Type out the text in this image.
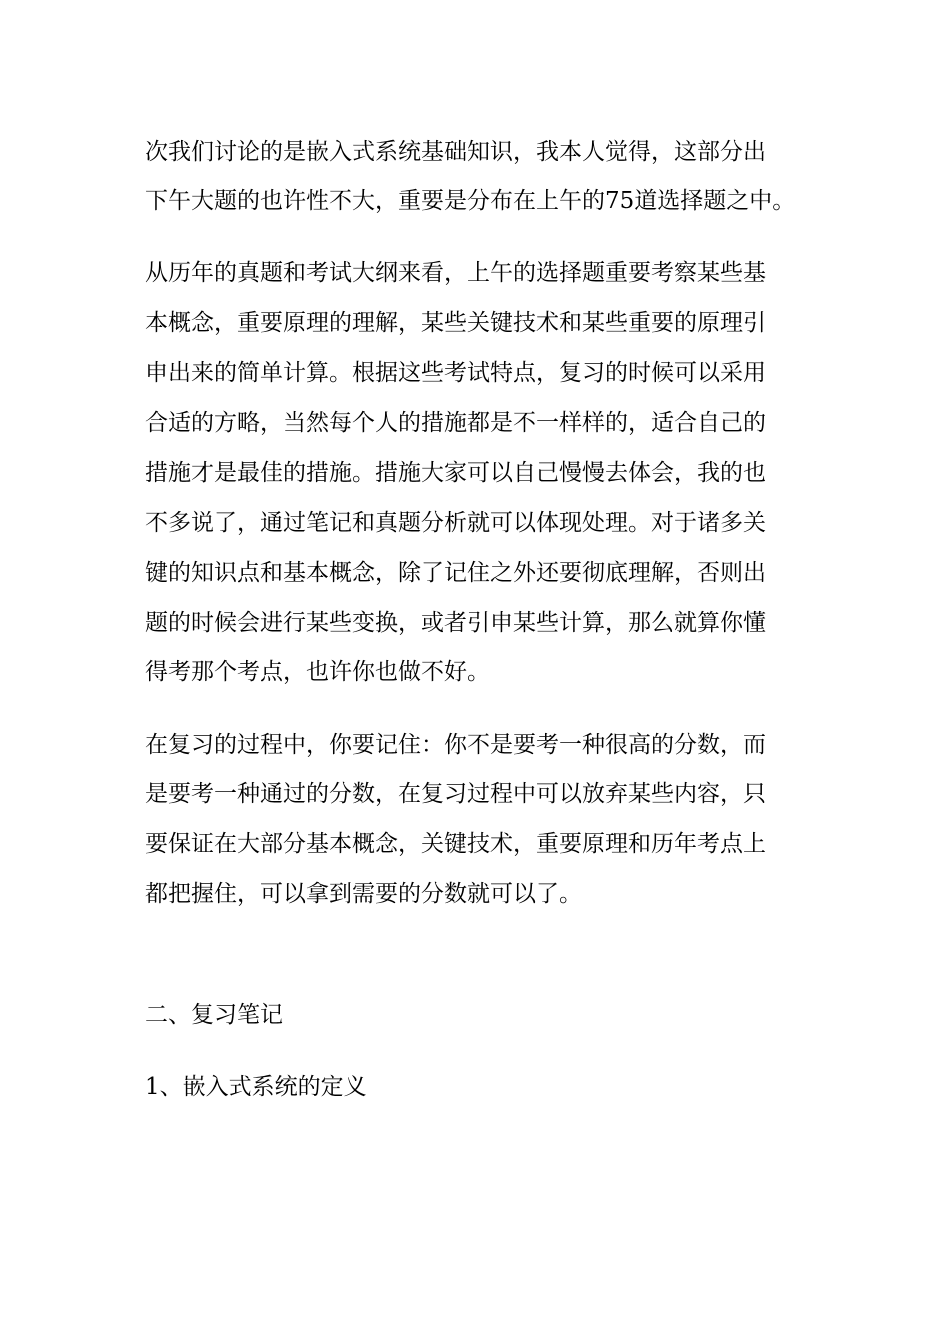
次我们讨论的是嵌入式系统基础知识，我本人觉得，这部分出
下午大题的也许性不大，重要是分布在上午的75道选择题之中。
从历年的真题和考试大纲来看，上午的选择题重要考察某些基
本概念，重要原理的理解，某些关键技术和某些重要的原理引
申出来的简单计算。根据这些考试特点，复习的时候可以采用
合适的方略，当然每个人的措施都是不一样样的，适合自己的
措施才是最佳的措施。措施大家可以自己慢慢去体会，我的也
不多说了，通过笔记和真题分析就可以体现处理。对于诸多关
键的知识点和基本概念，除了记住之外还要彻底理解，否则出
题的时候会进行某些变换，或者引申某些计算，那么就算你懂
得考那个考点，也许你也做不好。
在复习的过程中，你要记住：你不是要考一种很高的分数，而
是要考一种通过的分数，在复习过程中可以放弃某些内容，只
要保证在大部分基本概念，关键技术，重要原理和历年考点上
都把握住，可以拿到需要的分数就可以了。
二、复习笔记
1、嵌入式系统的定义
